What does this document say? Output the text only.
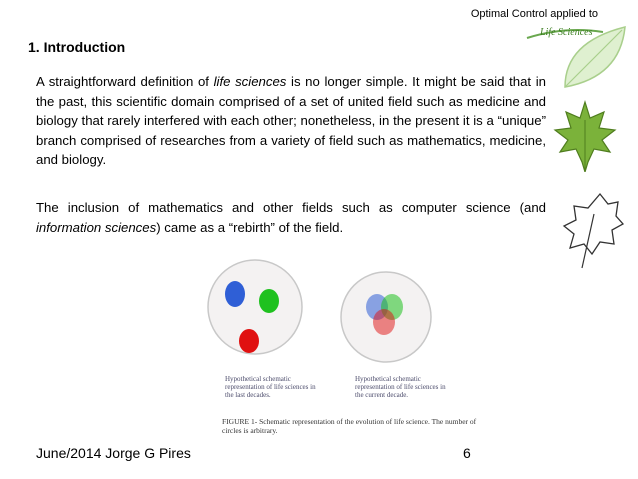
Optimal Control applied to
Life Sciences
1. Introduction
A straightforward definition of life sciences is no longer simple. It might be said that in the past, this scientific domain comprised of a set of united field such as medicine and biology that rarely interfered with each other; nonetheless, in the present it is a “unique” branch comprised of researches from a variety of field such as mathematics, medicine, and biology.
The inclusion of mathematics and other fields such as computer science (and information sciences) came as a “rebirth” of the field.
Hypothetical schematic representation of life sciences in the last decades.
Hypothetical schematic representation of life sciences in the current decade.
FIGURE 1- Schematic representation of the evolution of life science. The number of circles is arbitrary.
June/2014 Jorge G Pires	6
